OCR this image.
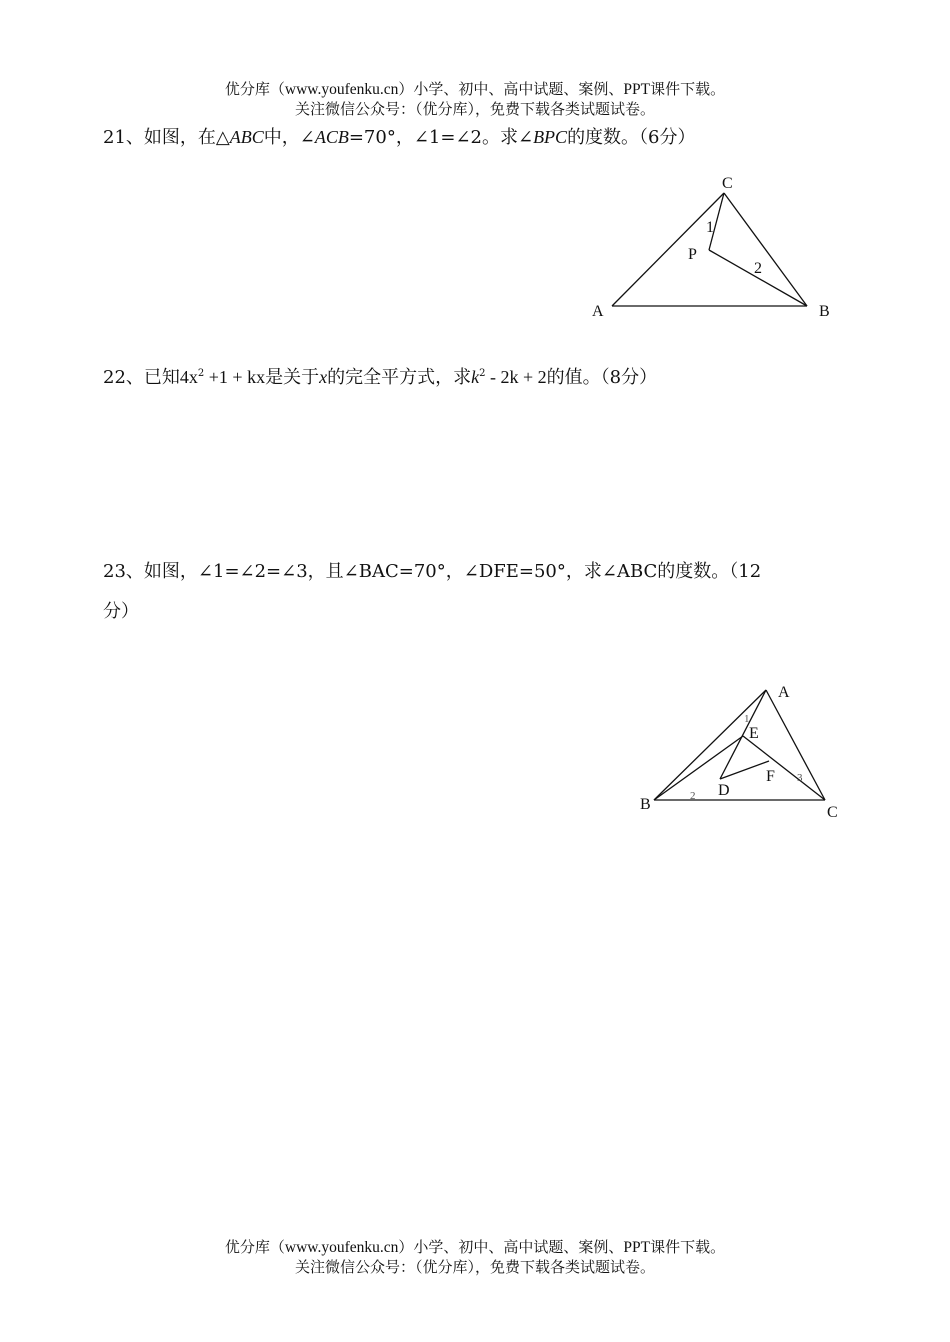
优分库（www.youfenku.cn）小学、初中、高中试题、案例、PPT课件下载。
关注微信公众号：（优分库），免费下载各类试题试卷。
21、如图，在△ABC中，∠ACB=70°，∠1=∠2。求∠BPC的度数。（6分）
C
A	B
P
1
2
22、已知$4x^2 +1$ + kx是关于x的完全平方式，求$k^2 - 2k + 2$的值。（8分）
23、如图，∠1=∠2=∠3，且∠BAC=70°，∠DFE=50°，求∠ABC的度数。（12
分）
A
B	C
D
E
F
1
2
3
优分库（www.youfenku.cn）小学、初中、高中试题、案例、PPT课件下载。
关注微信公众号：（优分库），免费下载各类试题试卷。
